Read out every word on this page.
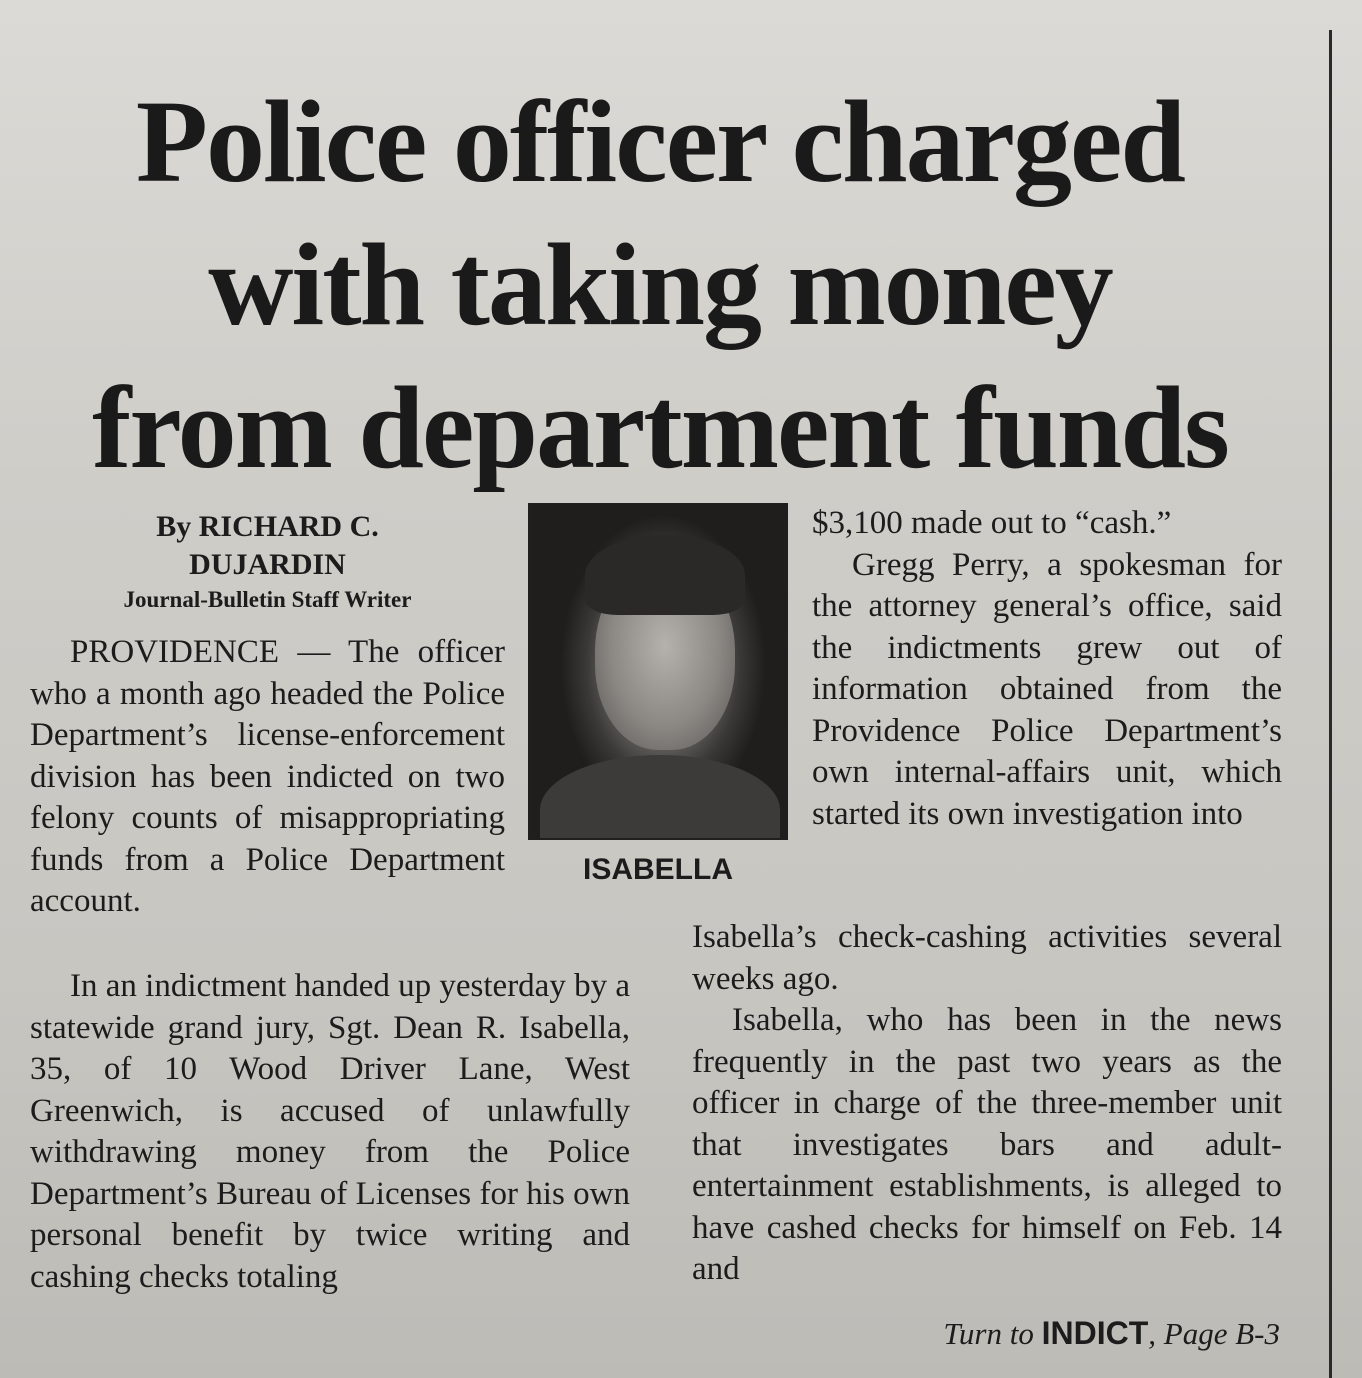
Police officer charged
with taking money
from department funds
By RICHARD C.
DUJARDIN
Journal-Bulletin Staff Writer

PROVIDENCE — The officer who a month ago headed the Police Department’s license-enforcement division has been indicted on two felony counts of misappropriating funds from a Police Department account.

In an indictment handed up yesterday by a statewide grand jury, Sgt. Dean R. Isabella, 35, of 10 Wood Driver Lane, West Greenwich, is accused of unlawfully withdrawing money from the Police Department’s Bureau of Licenses for his own personal benefit by twice writing and cashing checks totaling

ISABELLA

$3,100 made out to “cash.”

Gregg Perry, a spokesman for the attorney general’s office, said the indictments grew out of information obtained from the Providence Police Department’s own internal-affairs unit, which started its own investigation into

Isabella’s check-cashing activities several weeks ago.

Isabella, who has been in the news frequently in the past two years as the officer in charge of the three-member unit that investigates bars and adult-entertainment establishments, is alleged to have cashed checks for himself on Feb. 14 and

Turn to INDICT, Page B-3
